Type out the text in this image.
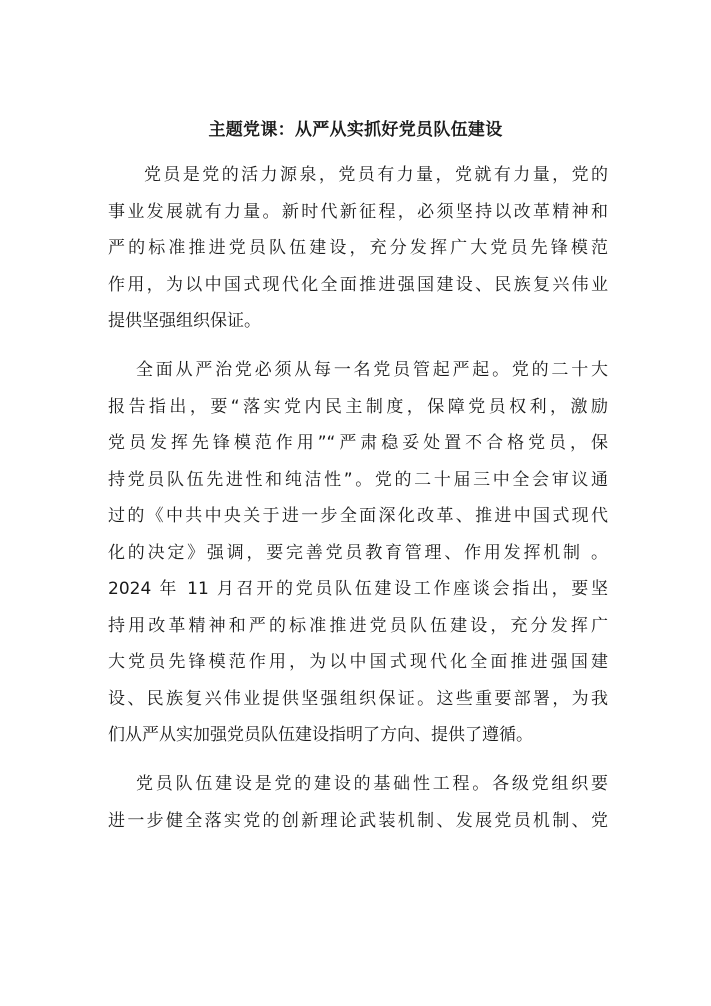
主题党课：从严从实抓好党员队伍建设
党员是党的活力源泉，党员有力量，党就有力量，党的
事业发展就有力量。新时代新征程，必须坚持以改革精神和
严的标准推进党员队伍建设，充分发挥广大党员先锋模范
作用，为以中国式现代化全面推进强国建设、民族复兴伟业
提供坚强组织保证。
全面从严治党必须从每一名党员管起严起。党的二十大
报告指出，要“落实党内民主制度，保障党员权利，激励
党员发挥先锋模范作用”“严肃稳妥处置不合格党员，保
持党员队伍先进性和纯洁性”。党的二十届三中全会审议通
过的《中共中央关于进一步全面深化改革、推进中国式现代
化的决定》强调，要完善党员教育管理、作用发挥机制 。
2024 年 11 月召开的党员队伍建设工作座谈会指出，要坚
持用改革精神和严的标准推进党员队伍建设，充分发挥广
大党员先锋模范作用，为以中国式现代化全面推进强国建
设、民族复兴伟业提供坚强组织保证。这些重要部署，为我
们从严从实加强党员队伍建设指明了方向、提供了遵循。
党员队伍建设是党的建设的基础性工程。各级党组织要
进一步健全落实党的创新理论武装机制、发展党员机制、党
